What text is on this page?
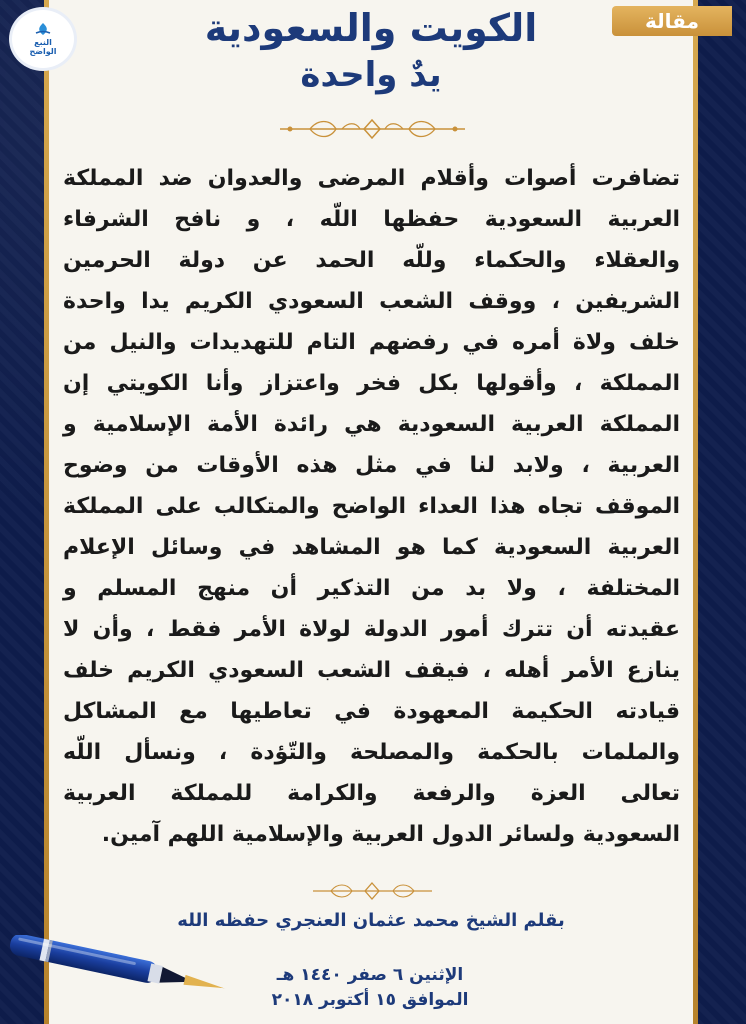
النبع
الواضح
مقالة
الكويت والسعودية
يدٌ واحدة
تضافرت أصوات وأقلام المرضى والعدوان ضد المملكة
العربية السعودية حفظها اللّه ، و نافح الشرفاء
والعقلاء والحكماء وللّه الحمد عن دولة الحرمين
الشريفين ، ووقف الشعب السعودي الكريم يدا واحدة
خلف ولاة أمره في رفضهم التام للتهديدات والنيل من
المملكة ، وأقولها بكل فخر واعتزاز وأنا الكويتي إن
المملكة العربية السعودية هي رائدة الأمة الإسلامية و
العربية ، ولابد لنا في مثل هذه الأوقات من وضوح
الموقف تجاه هذا العداء الواضح والمتكالب على المملكة
العربية السعودية كما هو المشاهد في وسائل الإعلام
المختلفة ، ولا بد من التذكير أن منهج المسلم و
عقيدته أن تترك أمور الدولة لولاة الأمر فقط ، وأن لا
ينازع الأمر أهله ، فيقف الشعب السعودي الكريم خلف
قيادته الحكيمة المعهودة في تعاطيها مع المشاكل
والملمات بالحكمة والمصلحة والتّؤدة ، ونسأل اللّه
تعالى العزة والرفعة والكرامة للمملكة العربية
السعودية ولسائر الدول العربية والإسلامية اللهم آمين.
بقلم الشيخ محمد عثمان العنجري حفظه الله
الإثنين ٦ صفر ١٤٤٠ هـ
الموافق ١٥ أكتوبر ٢٠١٨
